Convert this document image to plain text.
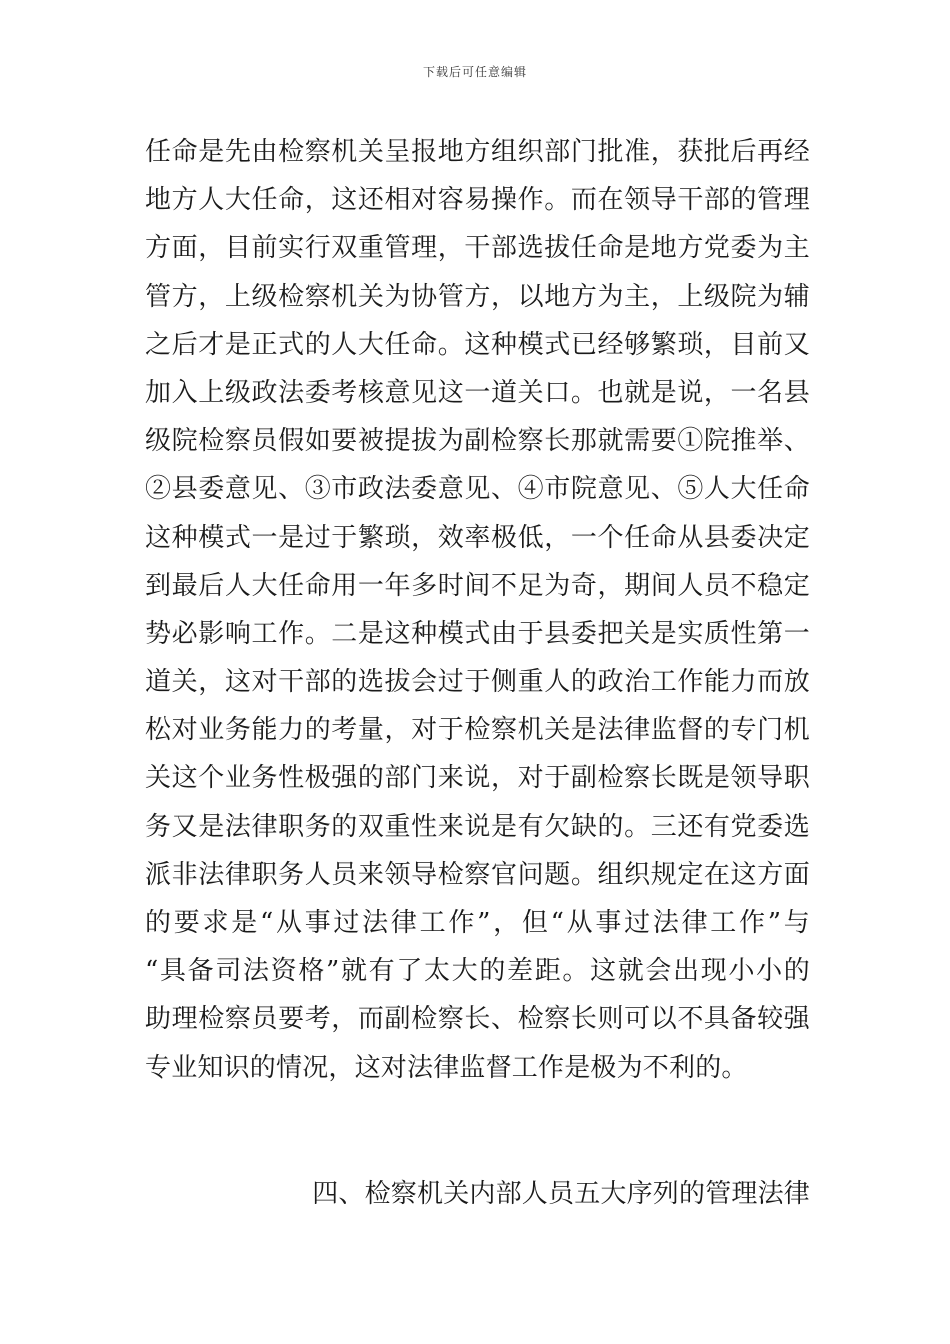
下载后可任意编辑
任命是先由检察机关呈报地方组织部门批准，获批后再经
地方人大任命，这还相对容易操作。而在领导干部的管理
方面，目前实行双重管理，干部选拔任命是地方党委为主
管方，上级检察机关为协管方，以地方为主，上级院为辅
之后才是正式的人大任命。这种模式已经够繁琐，目前又
加入上级政法委考核意见这一道关口。也就是说，一名县
级院检察员假如要被提拔为副检察长那就需要①院推举、
②县委意见、③市政法委意见、④市院意见、⑤人大任命
这种模式一是过于繁琐，效率极低，一个任命从县委决定
到最后人大任命用一年多时间不足为奇，期间人员不稳定
势必影响工作。二是这种模式由于县委把关是实质性第一
道关，这对干部的选拔会过于侧重人的政治工作能力而放
松对业务能力的考量，对于检察机关是法律监督的专门机
关这个业务性极强的部门来说，对于副检察长既是领导职
务又是法律职务的双重性来说是有欠缺的。三还有党委选
派非法律职务人员来领导检察官问题。组织规定在这方面
的要求是“从事过法律工作”，但“从事过法律工作”与
“具备司法资格”就有了太大的差距。这就会出现小小的
助理检察员要考，而副检察长、检察长则可以不具备较强
专业知识的情况，这对法律监督工作是极为不利的。
四、检察机关内部人员五大序列的管理法律
